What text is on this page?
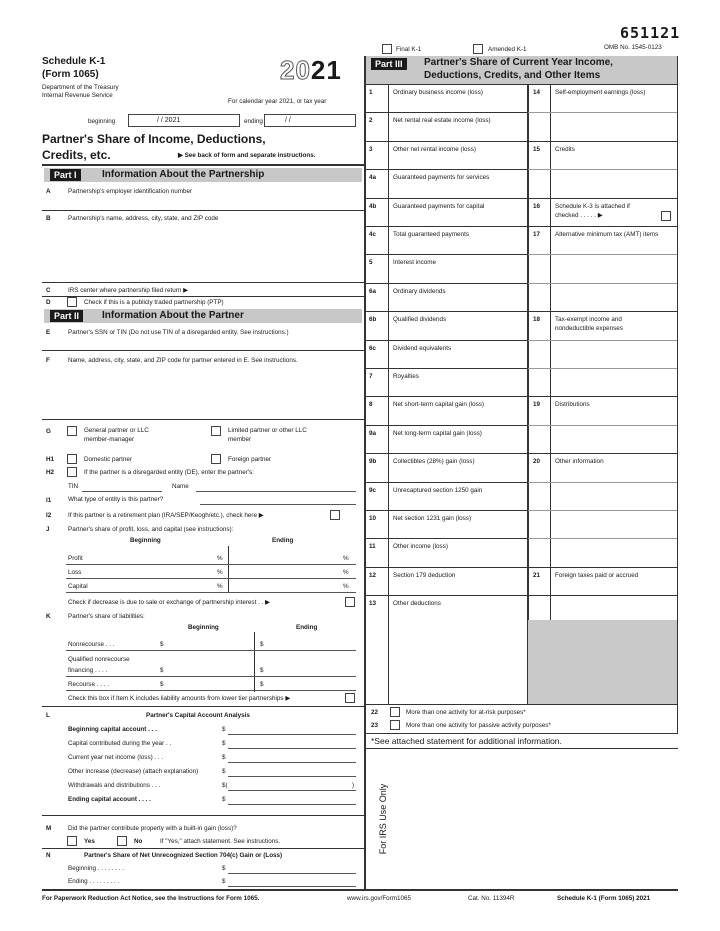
651121
OMB No. 1545-0123
Final K-1	Amended K-1
Schedule K-1
(Form 1065)
Department of the Treasury
Internal Revenue Service
2021
For calendar year 2021, or tax year
beginning	/ / 2021	ending	/ /
Partner's Share of Income, Deductions,
Credits, etc.	▶ See back of form and separate instructions.
Part I	Information About the Partnership
A	Partnership's employer identification number
B	Partnership's name, address, city, state, and ZIP code
C	IRS center where partnership filed return ▶
D	Check if this is a publicly traded partnership (PTP)
Part II	Information About the Partner
E	Partner's SSN or TIN (Do not use TIN of a disregarded entity. See instructions.)
F	Name, address, city, state, and ZIP code for partner entered in E. See instructions.
G	General partner or LLC
member-manager
Limited partner or other LLC
member
H1	Domestic partner	Foreign partner
H2	If the partner is a disregarded entity (DE), enter the partner's:
TIN	Name
I1	What type of entity is this partner?
I2	If this partner is a retirement plan (IRA/SEP/Keogh/etc.), check here ▶
J	Partner's share of profit, loss, and capital (see instructions):
Beginning	Ending
Profit	%	%
Loss	%	%
Capital	%	%
Check if decrease is due to sale or exchange of partnership interest . . ▶
K	Partner's share of liabilities:
Beginning	Ending
Nonrecourse . . .	$	$
Qualified nonrecourse
financing . . . .	$	$
Recourse . . . .	$	$
Check this box if Item K includes liability amounts from lower tier partnerships ▶
L	Partner's Capital Account Analysis
Beginning capital account . . .	$
Capital contributed during the year . .	$
Current year net income (loss) . . .	$
Other increase (decrease) (attach explanation)	$
Withdrawals and distributions . . .	$(	)
Ending capital account . . . .	$
M	Did the partner contribute property with a built-in gain (loss)?
Yes	No	If "Yes," attach statement. See instructions.
N	Partner's Share of Net Unrecognized Section 704(c) Gain or (Loss)
Beginning . . . . . . . .	$
Ending . . . . . . . . .	$
Part III	Partner's Share of Current Year Income,
Deductions, Credits, and Other Items
1	Ordinary business income (loss)
2	Net rental real estate income (loss)
3	Other net rental income (loss)
4a	Guaranteed payments for services
4b	Guaranteed payments for capital
4c	Total guaranteed payments
5	Interest income
6a	Ordinary dividends
6b	Qualified dividends
6c	Dividend equivalents
7	Royalties
8	Net short-term capital gain (loss)
9a	Net long-term capital gain (loss)
9b	Collectibles (28%) gain (loss)
9c	Unrecaptured section 1250 gain
10	Net section 1231 gain (loss)
11	Other income (loss)
12	Section 179 deduction
13	Other deductions
14 Self-employment earnings (loss)
15 Credits
16 Schedule K-3 is attached if
checked . . . . . ▶
17 Alternative minimum tax (AMT) items
18 Tax-exempt income and
nondeductible expenses
19 Distributions
20 Other information
21 Foreign taxes paid or accrued
22	More than one activity for at-risk purposes*
23	More than one activity for passive activity purposes*
*See attached statement for additional information.
For IRS Use Only
For Paperwork Reduction Act Notice, see the Instructions for Form 1065.	www.irs.gov/Form1065	Cat. No. 11394R	Schedule K-1 (Form 1065) 2021
